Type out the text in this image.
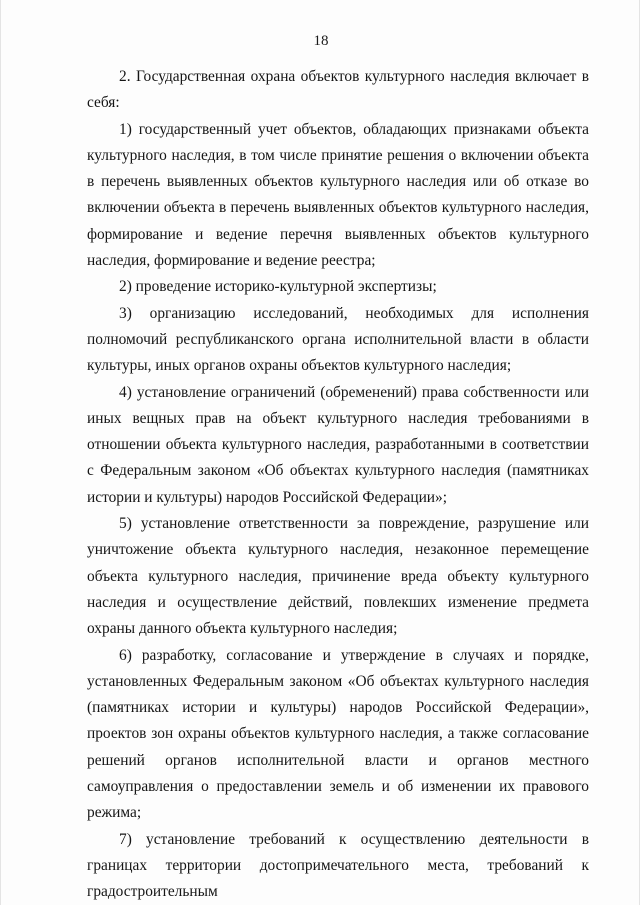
18

2. Государственная охрана объектов культурного наследия включает в себя:

1) государственный учет объектов, обладающих признаками объекта культурного наследия, в том числе принятие решения о включении объекта в перечень выявленных объектов культурного наследия или об отказе во включении объекта в перечень выявленных объектов культурного наследия, формирование и ведение перечня выявленных объектов культурного наследия, формирование и ведение реестра;

2) проведение историко-культурной экспертизы;

3) организацию исследований, необходимых для исполнения полномочий республиканского органа исполнительной власти в области культуры, иных органов охраны объектов культурного наследия;

4) установление ограничений (обременений) права собственности или иных вещных прав на объект культурного наследия требованиями в отношении объекта культурного наследия, разработанными в соответствии с Федеральным законом «Об объектах культурного наследия (памятниках истории и культуры) народов Российской Федерации»;

5) установление ответственности за повреждение, разрушение или уничтожение объекта культурного наследия, незаконное перемещение объекта культурного наследия, причинение вреда объекту культурного наследия и осуществление действий, повлекших изменение предмета охраны данного объекта культурного наследия;

6) разработку, согласование и утверждение в случаях и порядке, установленных Федеральным законом «Об объектах культурного наследия (памятниках истории и культуры) народов Российской Федерации», проектов зон охраны объектов культурного наследия, а также согласование решений органов исполнительной власти и органов местного самоуправления о предоставлении земель и об изменении их правового режима;

7) установление требований к осуществлению деятельности в границах территории достопримечательного места, требований к градостроительным
